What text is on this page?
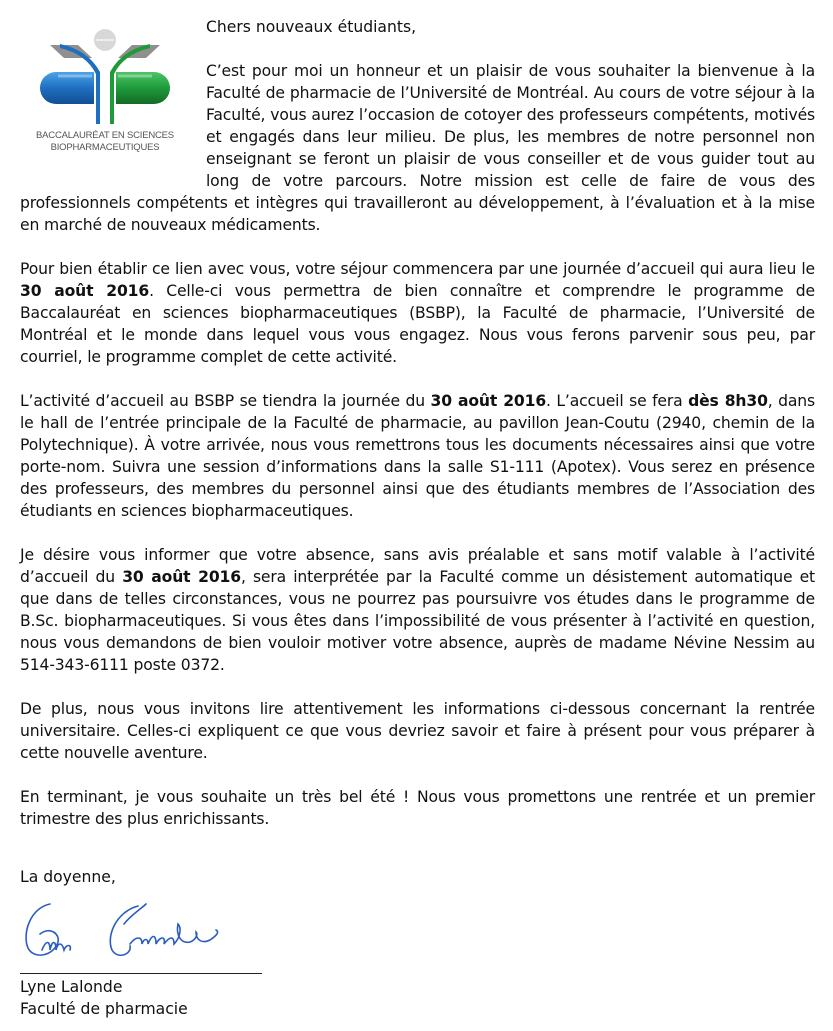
BACCALAURÉAT EN SCIENCES
BIOPHARMACEUTIQUES
Chers nouveaux étudiants,

C’est pour moi un honneur et un plaisir de vous souhaiter la bienvenue à la Faculté de pharmacie de l’Université de Montréal. Au cours de votre séjour à la Faculté, vous aurez l’occasion de cotoyer des professeurs compétents, motivés et engagés dans leur milieu. De plus, les membres de notre personnel non enseignant se feront un plaisir de vous conseiller et de vous guider tout au long de votre parcours. Notre mission est celle de faire de vous des professionnels compétents et intègres qui travailleront au développement, à l’évaluation et à la mise en marché de nouveaux médicaments.

Pour bien établir ce lien avec vous, votre séjour commencera par une journée d’accueil qui aura lieu le 30 août 2016. Celle-ci vous permettra de bien connaître et comprendre le programme de Baccalauréat en sciences biopharmaceutiques (BSBP), la Faculté de pharmacie, l’Université de Montréal et le monde dans lequel vous vous engagez. Nous vous ferons parvenir sous peu, par courriel, le programme complet de cette activité.

L’activité d’accueil au BSBP se tiendra la journée du 30 août 2016. L’accueil se fera dès 8h30, dans le hall de l’entrée principale de la Faculté de pharmacie, au pavillon Jean-Coutu (2940, chemin de la Polytechnique). À votre arrivée, nous vous remettrons tous les documents nécessaires ainsi que votre porte-nom. Suivra une session d’informations dans la salle S1-111 (Apotex). Vous serez en présence des professeurs, des membres du personnel ainsi que des étudiants membres de l’Association des étudiants en sciences biopharmaceutiques.

Je désire vous informer que votre absence, sans avis préalable et sans motif valable à l’activité d’accueil du 30 août 2016, sera interprétée par la Faculté comme un désistement automatique et que dans de telles circonstances, vous ne pourrez pas poursuivre vos études dans le programme de B.Sc. biopharmaceutiques. Si vous êtes dans l’impossibilité de vous présenter à l’activité en question, nous vous demandons de bien vouloir motiver votre absence, auprès de madame Névine Nessim au 514-343-6111 poste 0372.

De plus, nous vous invitons lire attentivement les informations ci-dessous concernant la rentrée universitaire. Celles-ci expliquent ce que vous devriez savoir et faire à présent pour vous préparer à cette nouvelle aventure.

En terminant, je vous souhaite un très bel été ! Nous vous promettons une rentrée et un premier trimestre des plus enrichissants.

La doyenne,
Lyne Lalonde
Faculté de pharmacie
